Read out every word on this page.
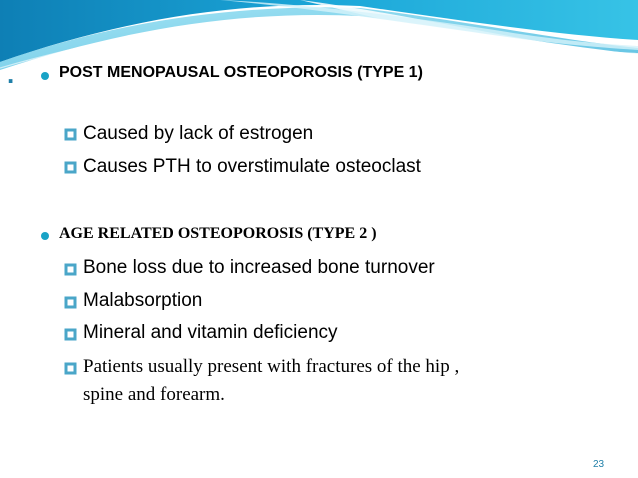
.	POST MENOPAUSAL OSTEOPOROSIS (TYPE 1)
Caused by lack of estrogen
Causes PTH to overstimulate osteoclast
AGE RELATED OSTEOPOROSIS (TYPE 2 )
Bone loss due to increased bone turnover
Malabsorption
Mineral and vitamin deficiency
Patients usually present with fractures of the hip ,
spine and forearm.
23
